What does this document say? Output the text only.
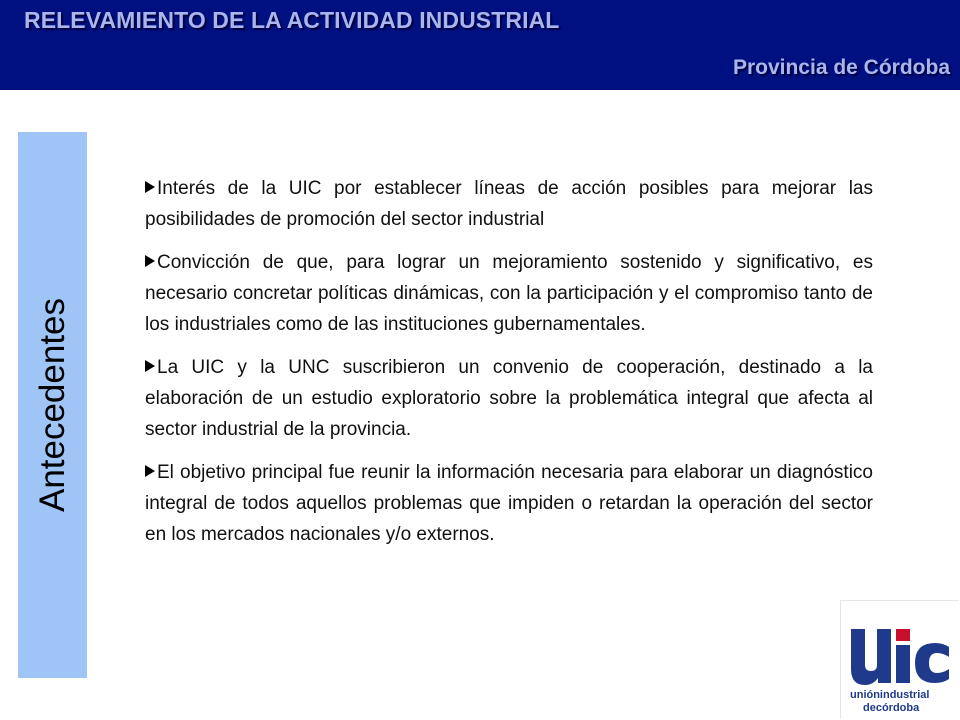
RELEVAMIENTO DE LA ACTIVIDAD INDUSTRIAL
Provincia de Córdoba
Antecedentes

Interés de la UIC por establecer líneas de acción posibles para mejorar las posibilidades de promoción del sector industrial

Convicción de que, para lograr un mejoramiento sostenido y significativo, es necesario concretar políticas dinámicas, con la participación y el compromiso tanto de los industriales como de las instituciones gubernamentales.

La UIC y la UNC suscribieron un convenio de cooperación, destinado a la elaboración de un estudio exploratorio sobre la problemática integral que afecta al sector industrial de la provincia.

El objetivo principal fue reunir la información necesaria para elaborar un diagnóstico integral de todos aquellos problemas que impiden o retardan la operación del sector en los mercados nacionales y/o externos.

uniónindustrial
decórdoba
